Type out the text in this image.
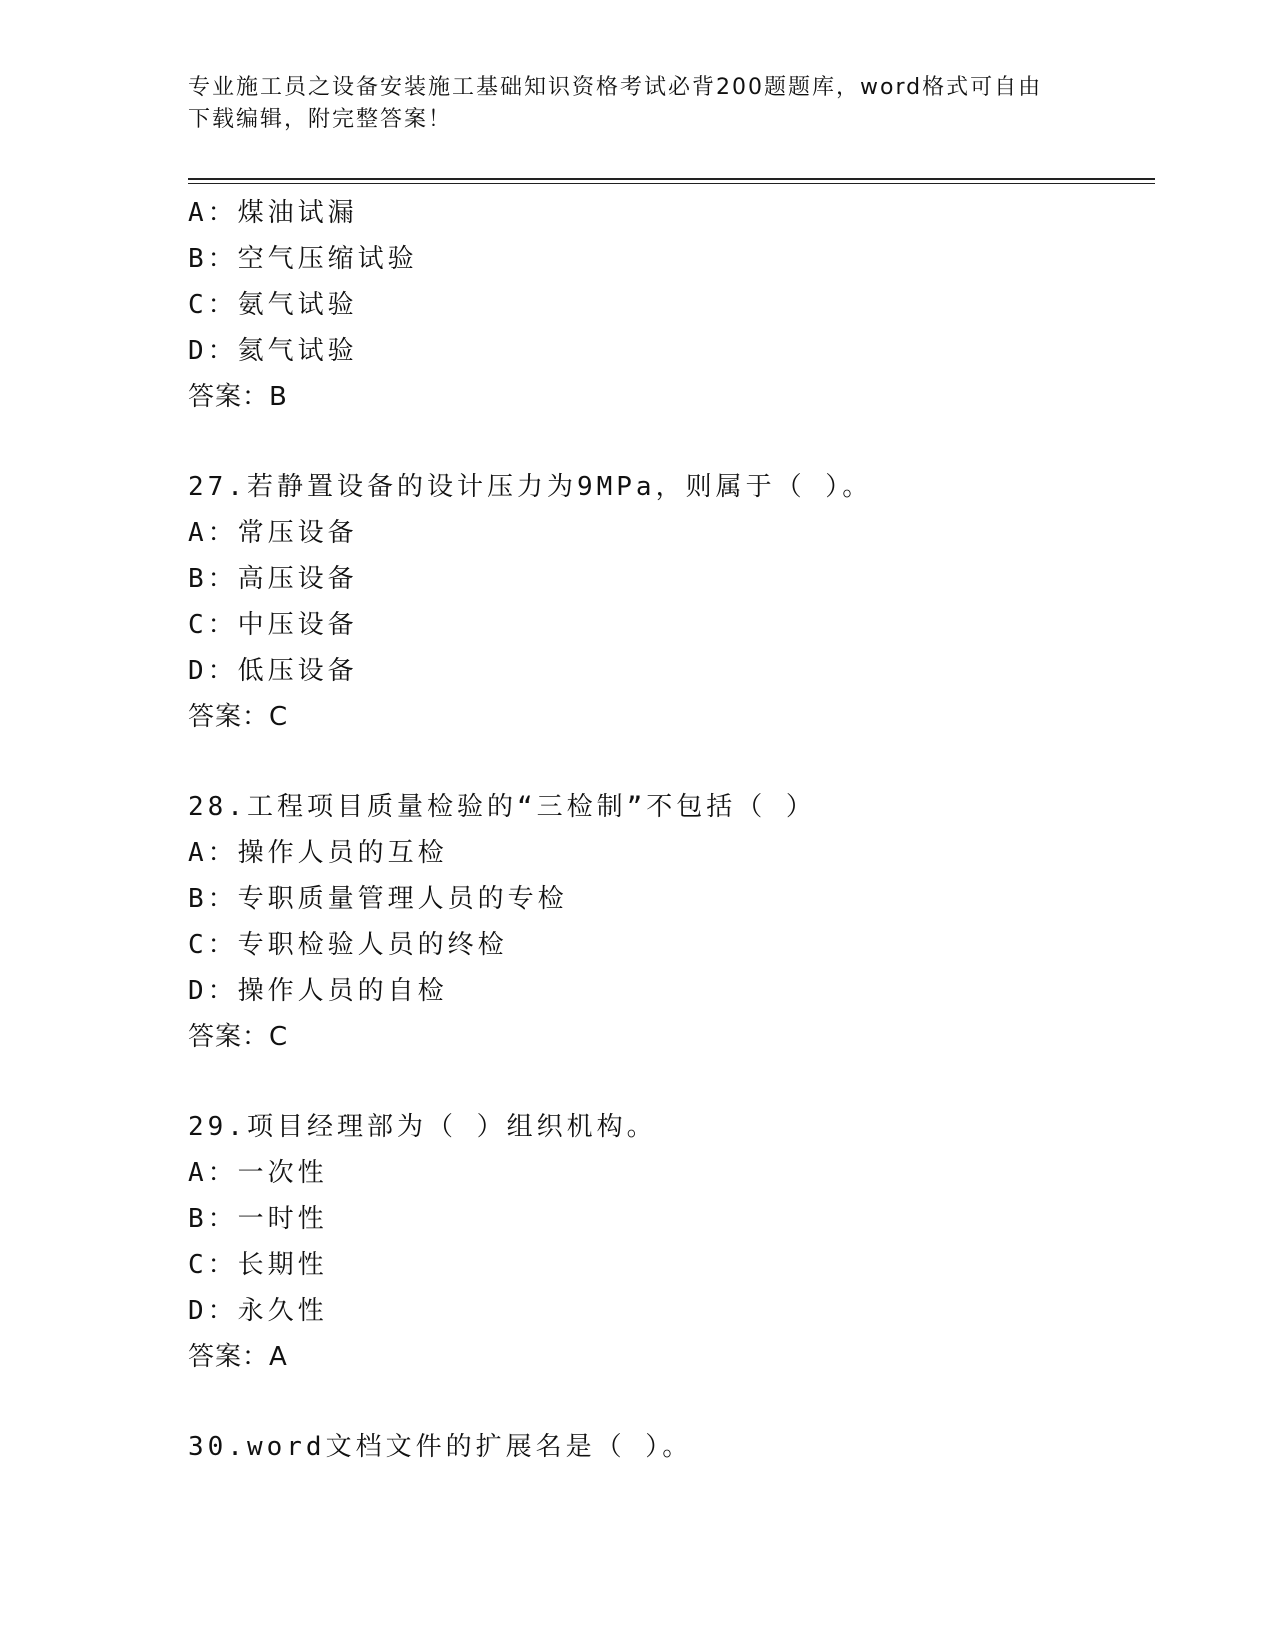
专业施工员之设备安装施工基础知识资格考试必背200题题库，word格式可自由
下载编辑，附完整答案！
A：煤油试漏
B：空气压缩试验
C：氨气试验
D：氦气试验
答案：B
27.若静置设备的设计压力为9MPa，则属于（ ）。
A：常压设备
B：高压设备
C：中压设备
D：低压设备
答案：C
28.工程项目质量检验的“三检制”不包括（ ）
A：操作人员的互检
B：专职质量管理人员的专检
C：专职检验人员的终检
D：操作人员的自检
答案：C
29.项目经理部为（ ）组织机构。
A：一次性
B：一时性
C：长期性
D：永久性
答案：A
30.word文档文件的扩展名是（ ）。
